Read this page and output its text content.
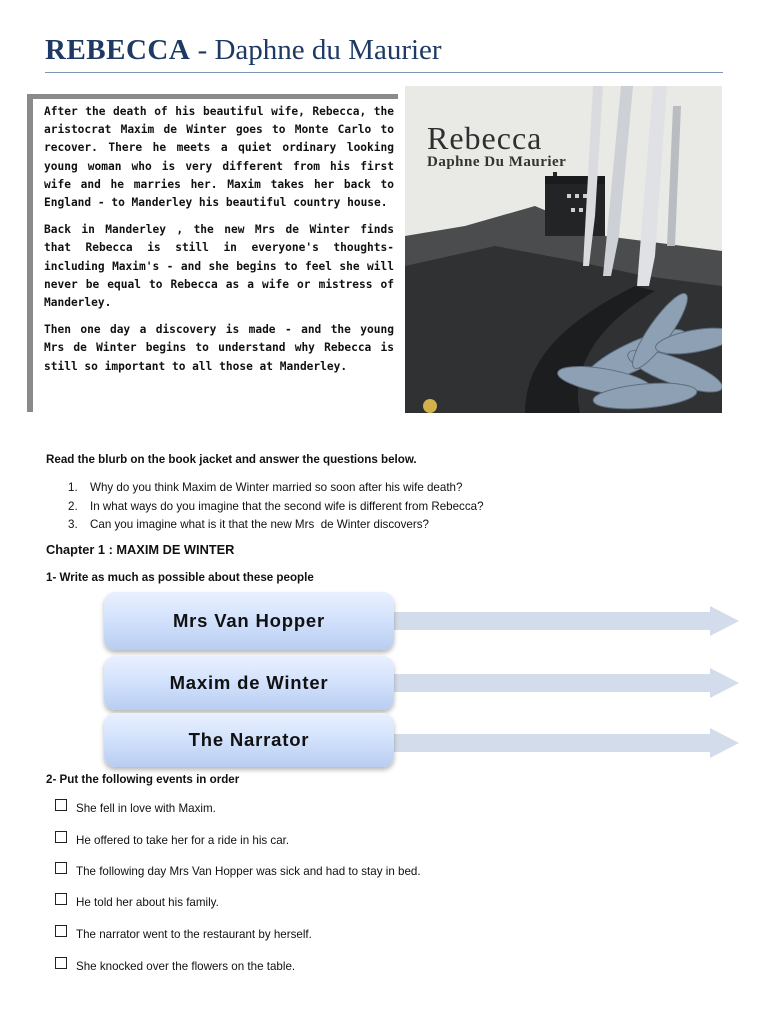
REBECCA - Daphne du Maurier

After the death of his beautiful wife, Rebecca, the aristocrat Maxim de Winter goes to Monte Carlo to recover. There he meets a quiet ordinary looking young woman who is very different from his first wife and he marries her. Maxim takes her back to England - to Manderley his beautiful country house.

Back in Manderley , the new Mrs de Winter finds that Rebecca is still in everyone's thoughts- including Maxim's - and she begins to feel she will never be equal to Rebecca as a wife or mistress of Manderley.

Then one day a discovery is made - and the young Mrs de Winter begins to understand why Rebecca is still so important to all those at Manderley.

Rebecca
Daphne Du Maurier
Read the blurb on the book jacket and answer the questions below.
1. Why do you think Maxim de Winter married so soon after his wife death?
2. In what ways do you imagine that the second wife is different from Rebecca?
3. Can you imagine what is it that the new Mrs  de Winter discovers?
Chapter 1 : MAXIM DE WINTER
1- Write as much as possible about these people
Mrs Van Hopper
Maxim de Winter
The Narrator
2- Put the following events in order
She fell in love with Maxim.
He offered to take her for a ride in his car.
The following day Mrs Van Hopper was sick and had to stay in bed.
He told her about his family.
The narrator went to the restaurant by herself.
She knocked over the flowers on the table.
